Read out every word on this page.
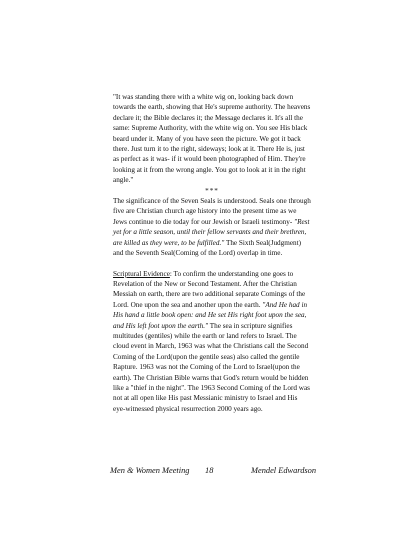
"It was standing there with a white wig on, looking back down towards the earth, showing that He's supreme authority. The heavens declare it; the Bible declares it; the Message declares it. It's all the same: Supreme Authority, with the white wig on. You see His black beard under it. Many of you have seen the picture. We got it back there. Just turn it to the right, sideways; look at it. There He is, just as perfect as it was- if it would been photographed of Him. They're looking at it from the wrong angle. You got to look at it in the right angle."

***

The significance of the Seven Seals is understood. Seals one through five are Christian church age history into the present time as we Jews continue to die today for our Jewish or Israeli testimony- "Rest yet for a little season, until their fellow servants and their brethren, are killed as they were, to be fulfilled." The Sixth Seal(Judgment) and the Seventh Seal(Coming of the Lord) overlap in time.

Scriptural Evidence: To confirm the understanding one goes to Revelation of the New or Second Testament. After the Christian Messiah on earth, there are two additional separate Comings of the Lord. One upon the sea and another upon the earth. "And He had in His hand a little book open: and He set His right foot upon the sea, and His left foot upon the earth." The sea in scripture signifies multitudes (gentiles) while the earth or land refers to Israel. The cloud event in March, 1963 was what the Christians call the Second Coming of the Lord(upon the gentile seas) also called the gentile Rapture. 1963 was not the Coming of the Lord to Israel(upon the earth). The Christian Bible warns that God's return would be hidden like a "thief in the night". The 1963 Second Coming of the Lord was not at all open like His past Messianic ministry to Israel and His eye-witnessed physical resurrection 2000 years ago.

Men & Women Meeting 18	Mendel Edwardson
